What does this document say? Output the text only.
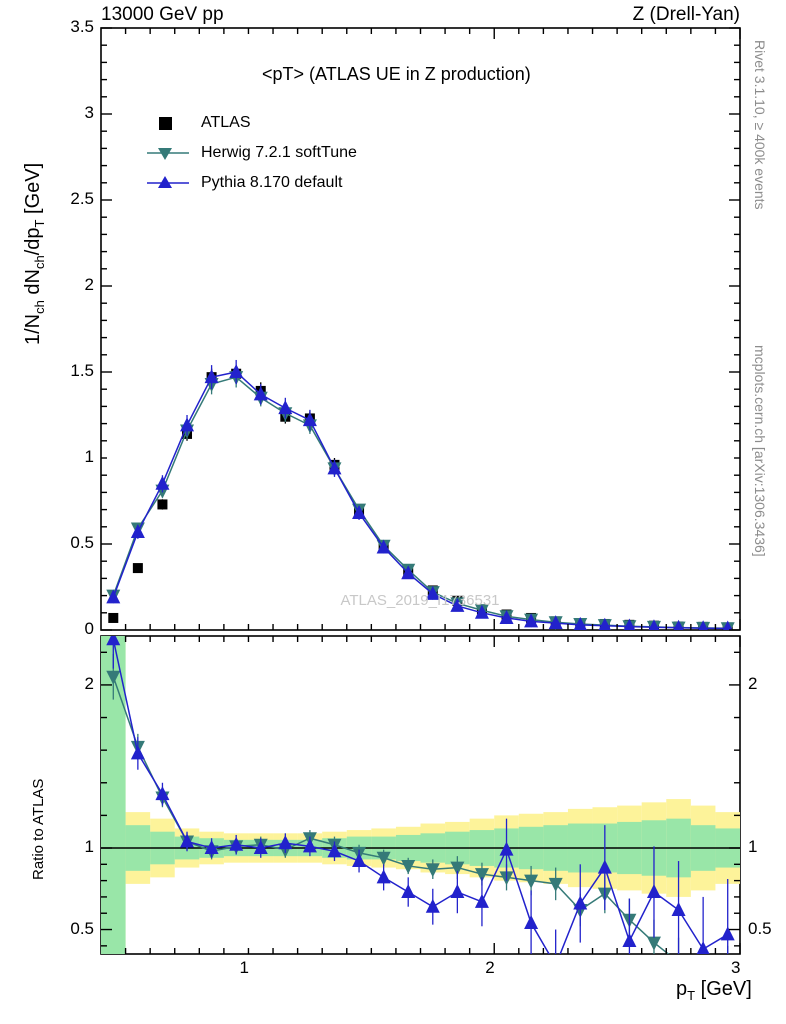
13000 GeV pp	Z (Drell-Yan)
ATLAS_2019_I1736531
$1/N_{ch}$ $dN_{ch}/dp_T$ [GeV]
Ratio to ATLAS
$p_T$ [GeV]
<pT> (ATLAS UE in Z production)	Rivet 3.1.10, ≥ 400k events
mcplots.cern.ch [arXiv:1306.3436]
ATLAS
Herwig 7.2.1 softTune
Pythia 8.170 default
0
0.5
1
1.5
2
2.5
3
3.5
0.5
1
2
0.5
1
2
1	2	3
